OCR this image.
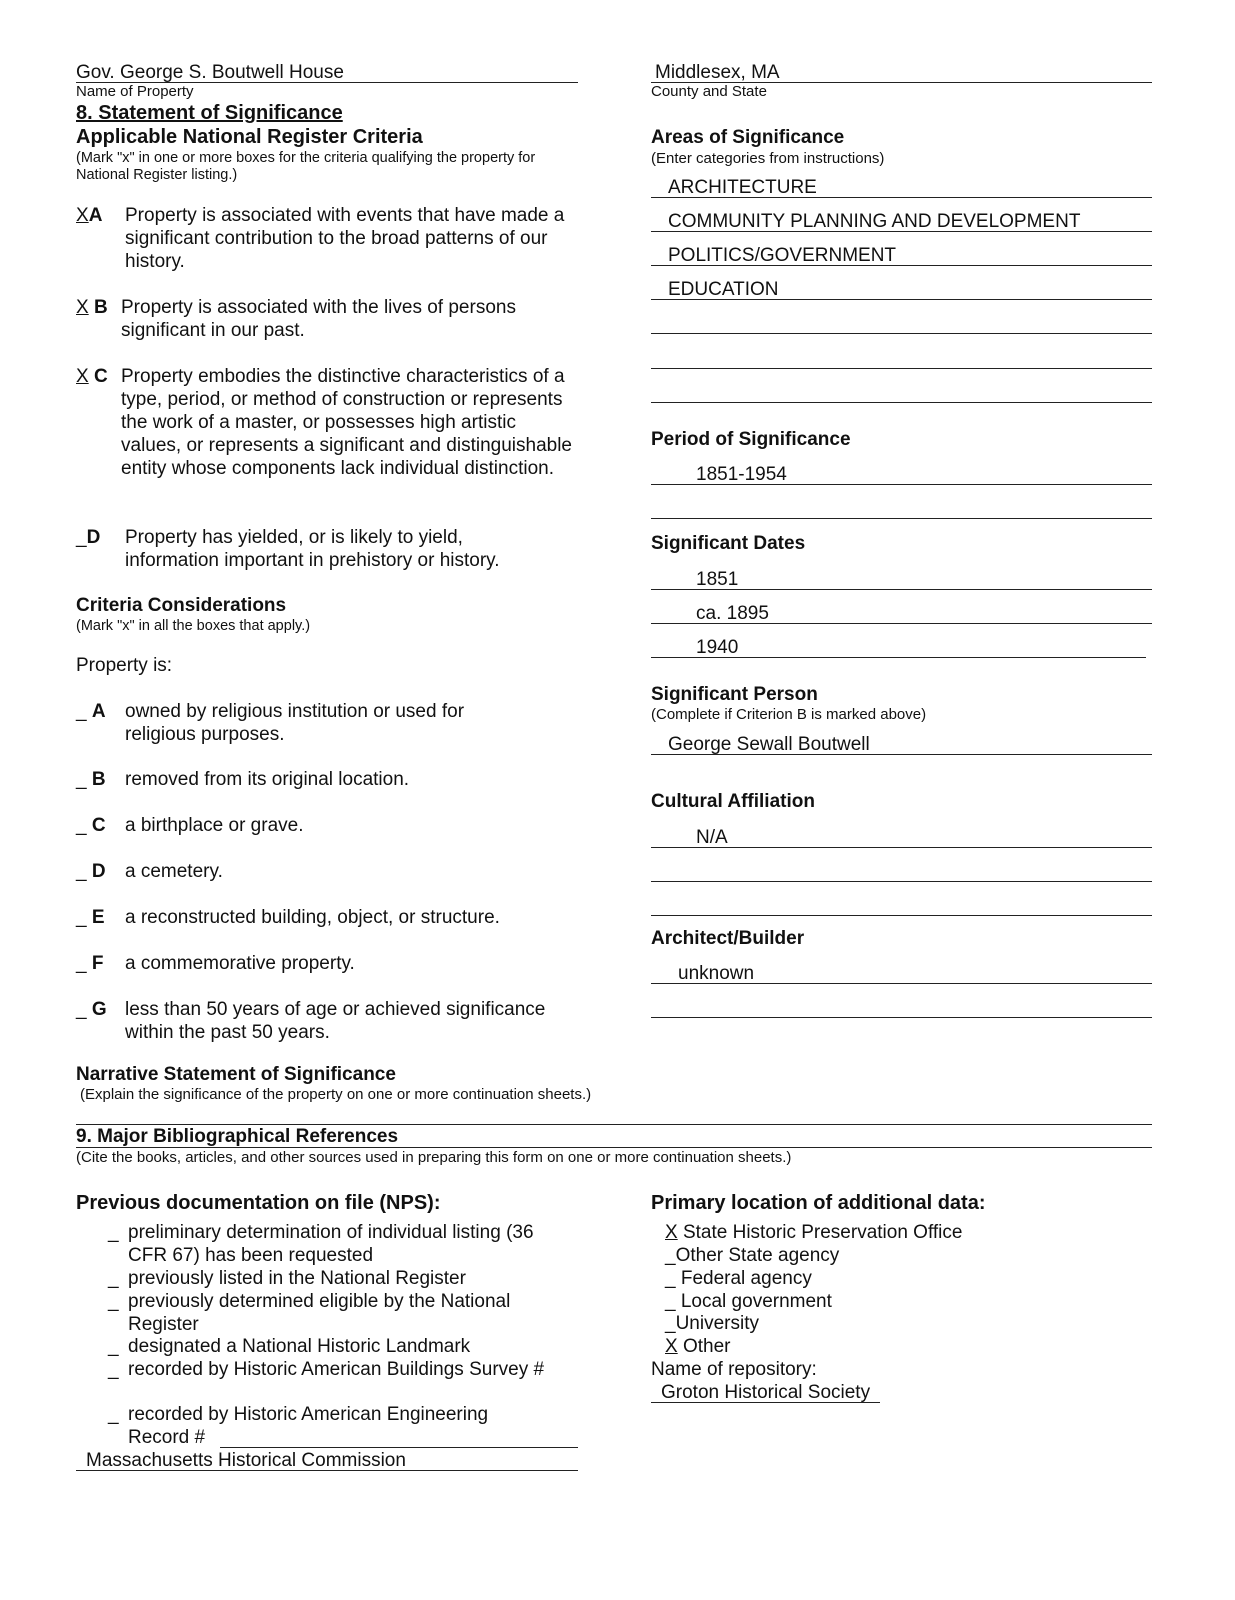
Gov. George S. Boutwell House
Name of Property
Middlesex, MA
County and State
8. Statement of Significance
Applicable National Register Criteria
(Mark "x" in one or more boxes for the criteria qualifying the property for National Register listing.)
XA Property is associated with events that have made a significant contribution to the broad patterns of our history.
X B Property is associated with the lives of persons significant in our past.
X C Property embodies the distinctive characteristics of a type, period, or method of construction or represents the work of a master, or possesses high artistic values, or represents a significant and distinguishable entity whose components lack individual distinction.
_D Property has yielded, or is likely to yield, information important in prehistory or history.
Criteria Considerations
(Mark "x" in all the boxes that apply.)
Property is:
_ A owned by religious institution or used for religious purposes.
_ B removed from its original location.
_ C a birthplace or grave.
_ D a cemetery.
_ E a reconstructed building, object, or structure.
_ F a commemorative property.
_ G less than 50 years of age or achieved significance within the past 50 years.
Narrative Statement of Significance
(Explain the significance of the property on one or more continuation sheets.)
Areas of Significance
(Enter categories from instructions)
ARCHITECTURE
COMMUNITY PLANNING AND DEVELOPMENT
POLITICS/GOVERNMENT
EDUCATION
Period of Significance
1851-1954
Significant Dates
1851
ca. 1895
1940
Significant Person
(Complete if Criterion B is marked above)
George Sewall Boutwell
Cultural Affiliation
N/A
Architect/Builder
unknown
9. Major Bibliographical References
(Cite the books, articles, and other sources used in preparing this form on one or more continuation sheets.)
Previous documentation on file (NPS):
_ preliminary determination of individual listing (36 CFR 67) has been requested
_ previously listed in the National Register
_ previously determined eligible by the National Register
_ designated a National Historic Landmark
_ recorded by Historic American Buildings Survey #
_ recorded by Historic American Engineering Record #
Massachusetts Historical Commission
Primary location of additional data:
X State Historic Preservation Office
_Other State agency
_ Federal agency
_ Local government
_University
X Other
Name of repository:
Groton Historical Society
